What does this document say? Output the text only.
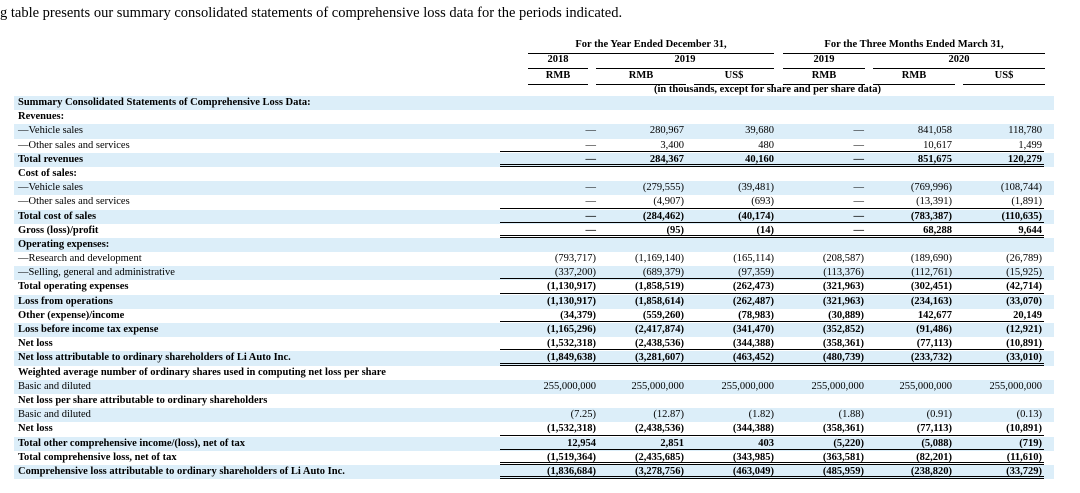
g table presents our summary consolidated statements of comprehensive loss data for the periods indicated.
For the Year Ended December 31,	For the Three Months Ended March 31,
2018	2019	2019	2020
RMB	RMB	US$	RMB	RMB	US$
(in thousands, except for share and per share data)
Summary Consolidated Statements of Comprehensive Loss Data:
Revenues:
—Vehicle sales	—	280,967	39,680	—	841,058	118,780
—Other sales and services	—	3,400	480	—	10,617	1,499
Total revenues	—	284,367	40,160	—	851,675	120,279
Cost of sales:
—Vehicle sales	—	(279,555)	(39,481)	—	(769,996)	(108,744)
—Other sales and services	—	(4,907)	(693)	—	(13,391)	(1,891)
Total cost of sales	—	(284,462)	(40,174)	—	(783,387)	(110,635)
Gross (loss)/profit	—	(95)	(14)	—	68,288	9,644
Operating expenses:
—Research and development	(793,717)	(1,169,140)	(165,114)	(208,587)	(189,690)	(26,789)
—Selling, general and administrative	(337,200)	(689,379)	(97,359)	(113,376)	(112,761)	(15,925)
Total operating expenses	(1,130,917)	(1,858,519)	(262,473)	(321,963)	(302,451)	(42,714)
Loss from operations	(1,130,917)	(1,858,614)	(262,487)	(321,963)	(234,163)	(33,070)
Other (expense)/income	(34,379)	(559,260)	(78,983)	(30,889)	142,677	20,149
Loss before income tax expense	(1,165,296)	(2,417,874)	(341,470)	(352,852)	(91,486)	(12,921)
Net loss	(1,532,318)	(2,438,536)	(344,388)	(358,361)	(77,113)	(10,891)
Net loss attributable to ordinary shareholders of Li Auto Inc.	(1,849,638)	(3,281,607)	(463,452)	(480,739)	(233,732)	(33,010)
Weighted average number of ordinary shares used in computing net loss per share
Basic and diluted	255,000,000	255,000,000	255,000,000	255,000,000	255,000,000	255,000,000
Net loss per share attributable to ordinary shareholders
Basic and diluted	(7.25)	(12.87)	(1.82)	(1.88)	(0.91)	(0.13)
Net loss	(1,532,318)	(2,438,536)	(344,388)	(358,361)	(77,113)	(10,891)
Total other comprehensive income/(loss), net of tax	12,954	2,851	403	(5,220)	(5,088)	(719)
Total comprehensive loss, net of tax	(1,519,364)	(2,435,685)	(343,985)	(363,581)	(82,201)	(11,610)
Comprehensive loss attributable to ordinary shareholders of Li Auto Inc.	(1,836,684)	(3,278,756)	(463,049)	(485,959)	(238,820)	(33,729)
